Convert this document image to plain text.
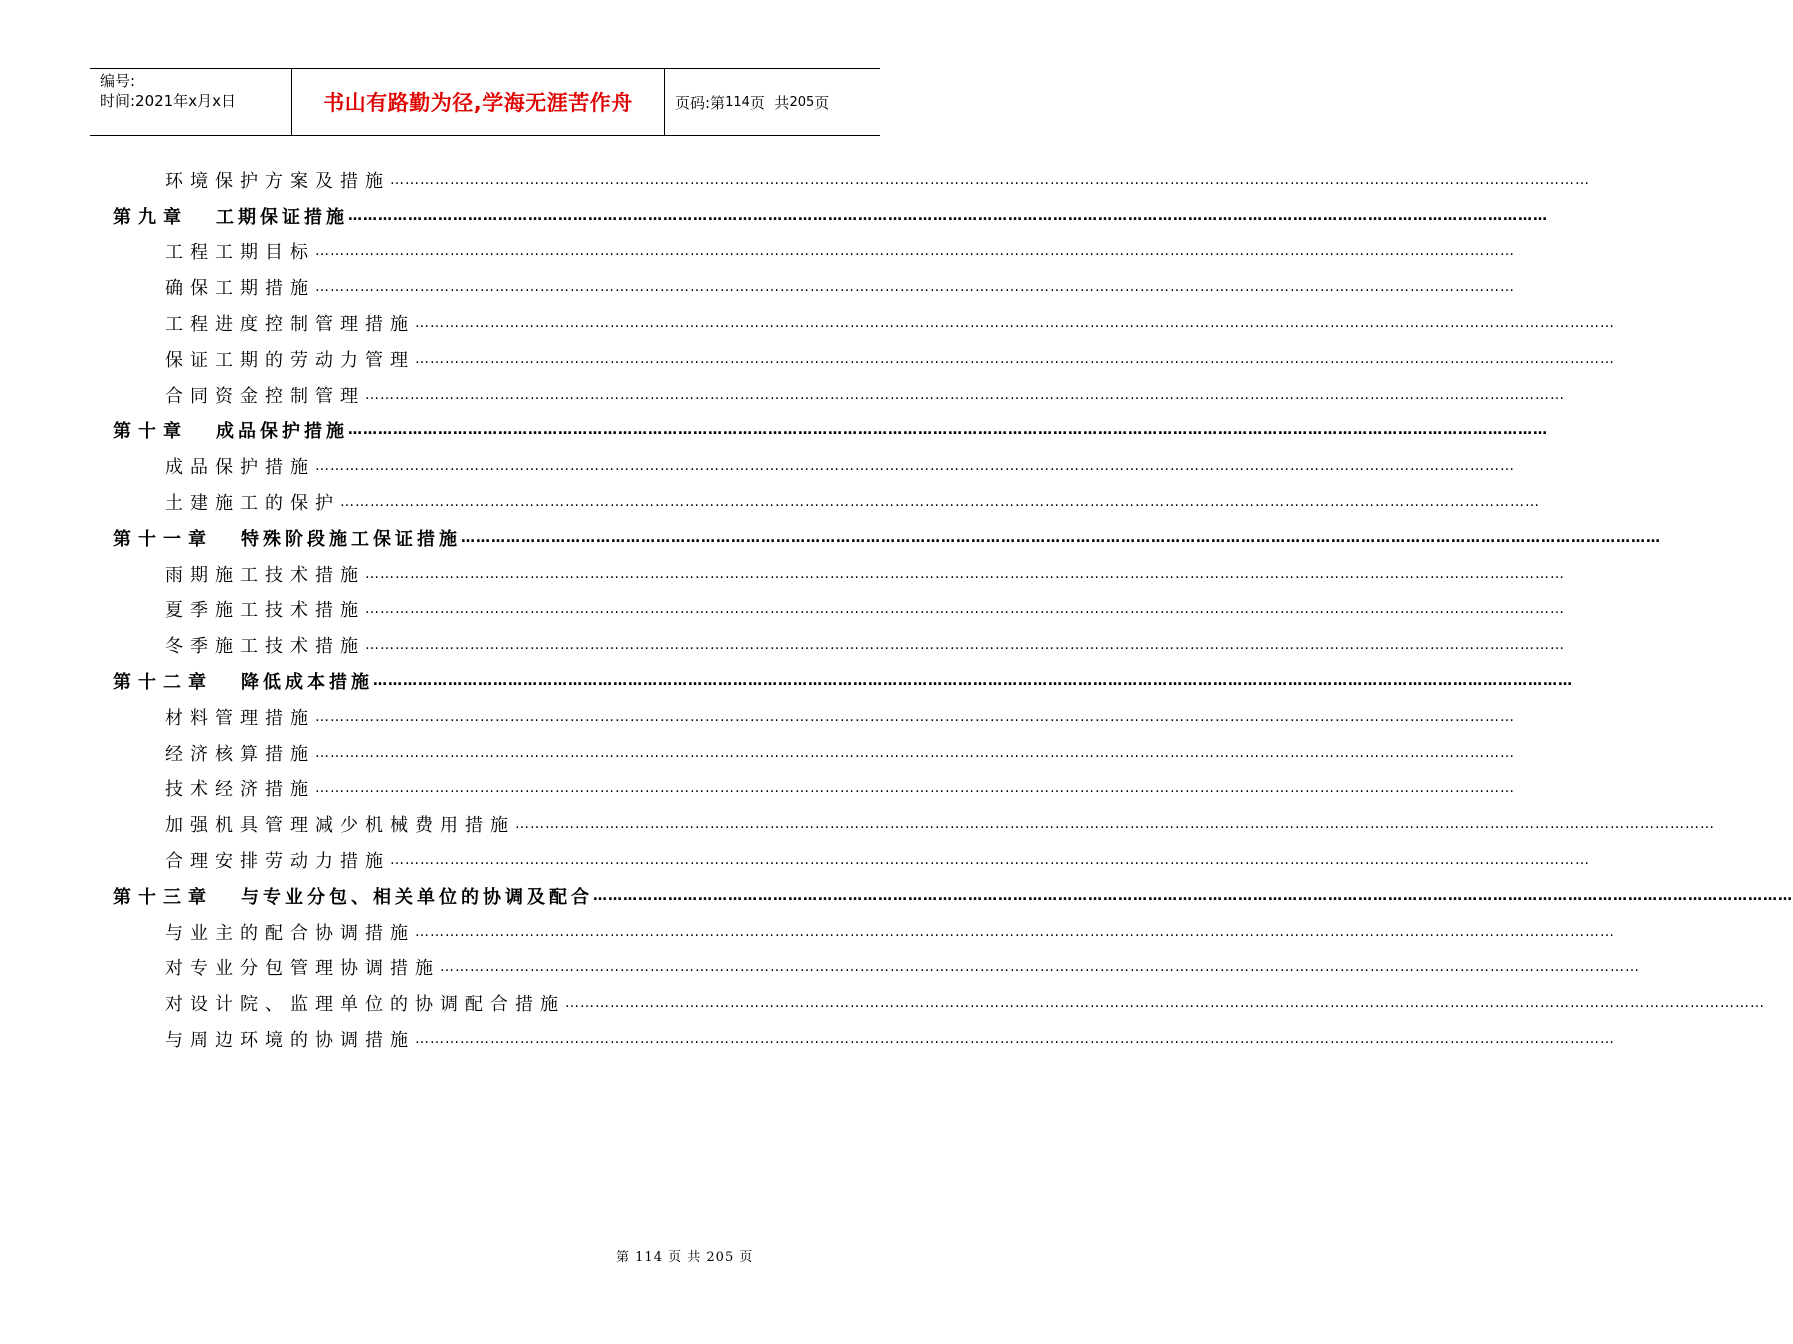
编号:
时间:2021年x月x日	书山有路勤为径,学海无涯苦作舟	页码:第 114 页  共 205 页
环境保护方案及措施 ……………………………………………………………………………………………………………………………………………………………………………………………………………………
第九章 工期保证措施 ……………………………………………………………………………………………………………………………………………………………………………………………………………………
工程工期目标 ……………………………………………………………………………………………………………………………………………………………………………………………………………………
确保工期措施 ……………………………………………………………………………………………………………………………………………………………………………………………………………………
工程进度控制管理措施 ……………………………………………………………………………………………………………………………………………………………………………………………………………………
保证工期的劳动力管理 ……………………………………………………………………………………………………………………………………………………………………………………………………………………
合同资金控制管理 ……………………………………………………………………………………………………………………………………………………………………………………………………………………
第十章 成品保护措施 ……………………………………………………………………………………………………………………………………………………………………………………………………………………
成品保护措施 ……………………………………………………………………………………………………………………………………………………………………………………………………………………
土建施工的保护 ……………………………………………………………………………………………………………………………………………………………………………………………………………………
第十一章 特殊阶段施工保证措施 ……………………………………………………………………………………………………………………………………………………………………………………………………………………
雨期施工技术措施 ……………………………………………………………………………………………………………………………………………………………………………………………………………………
夏季施工技术措施 ……………………………………………………………………………………………………………………………………………………………………………………………………………………
冬季施工技术措施 ……………………………………………………………………………………………………………………………………………………………………………………………………………………
第十二章 降低成本措施 ……………………………………………………………………………………………………………………………………………………………………………………………………………………
材料管理措施 ……………………………………………………………………………………………………………………………………………………………………………………………………………………
经济核算措施 ……………………………………………………………………………………………………………………………………………………………………………………………………………………
技术经济措施 ……………………………………………………………………………………………………………………………………………………………………………………………………………………
加强机具管理减少机械费用措施 ……………………………………………………………………………………………………………………………………………………………………………………………………………………
合理安排劳动力措施 ……………………………………………………………………………………………………………………………………………………………………………………………………………………
第十三章 与专业分包、相关单位的协调及配合 ……………………………………………………………………………………………………………………………………………………………………………………………………………………
与业主的配合协调措施 ……………………………………………………………………………………………………………………………………………………………………………………………………………………
对专业分包管理协调措施 ……………………………………………………………………………………………………………………………………………………………………………………………………………………
对设计院、监理单位的协调配合措施 ……………………………………………………………………………………………………………………………………………………………………………………………………………………
与周边环境的协调措施 ……………………………………………………………………………………………………………………………………………………………………………………………………………………
第 114 页 共 205 页
